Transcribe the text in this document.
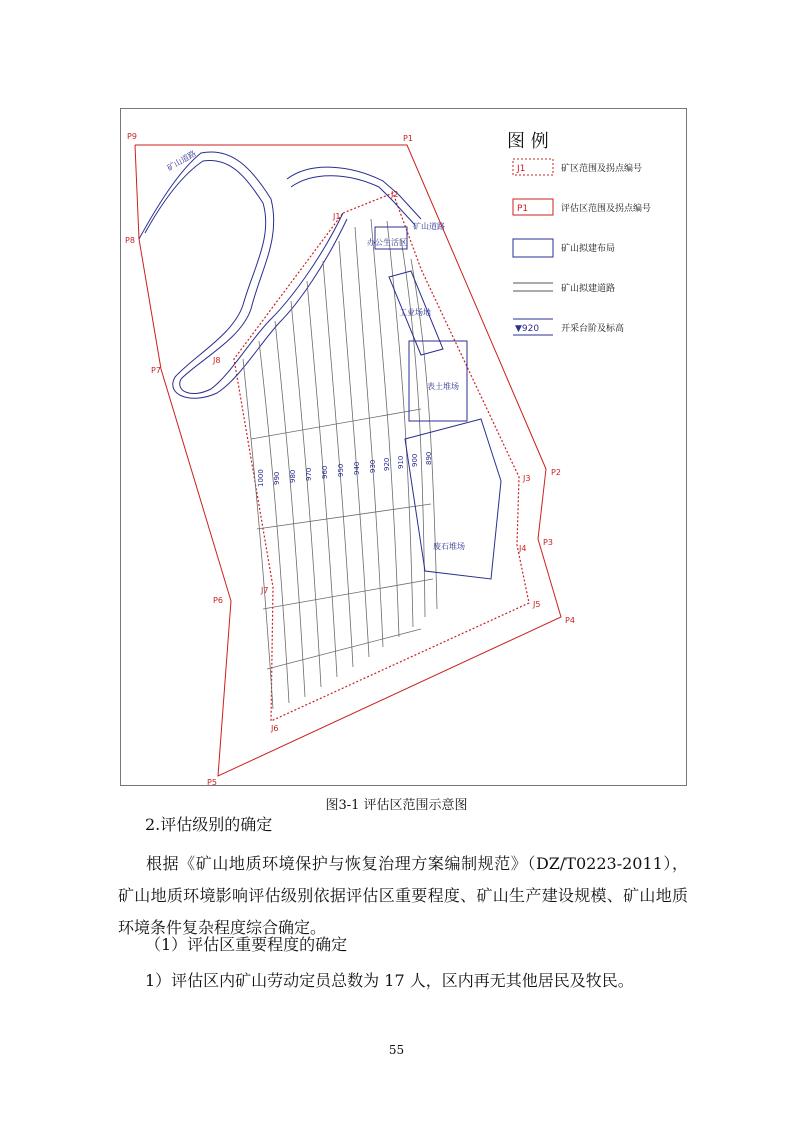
办公生活区
工业场地
表土堆场
废石堆场
矿山道路
矿山道路
1000 990 980 970 960 950 940 930 920 910 900 890
P9	P1
P2
P3
P4
P5
P6
P7
P8
J1
J2
J3
J4
J5
J6
J7
J8
图 例
J1	矿区范围及拐点编号
P1	评估区范围及拐点编号
矿山拟建布局
矿山拟建道路
▼920 开采台阶及标高
图3-1 评估区范围示意图
2.评估级别的确定
根据《矿山地质环境保护与恢复治理方案编制规范》（DZ/T0223-2011），矿山地质环境影响评估级别依据评估区重要程度、矿山生产建设规模、矿山地质环境条件复杂程度综合确定。
（1）评估区重要程度的确定
1）评估区内矿山劳动定员总数为 17 人，区内再无其他居民及牧民。
55
